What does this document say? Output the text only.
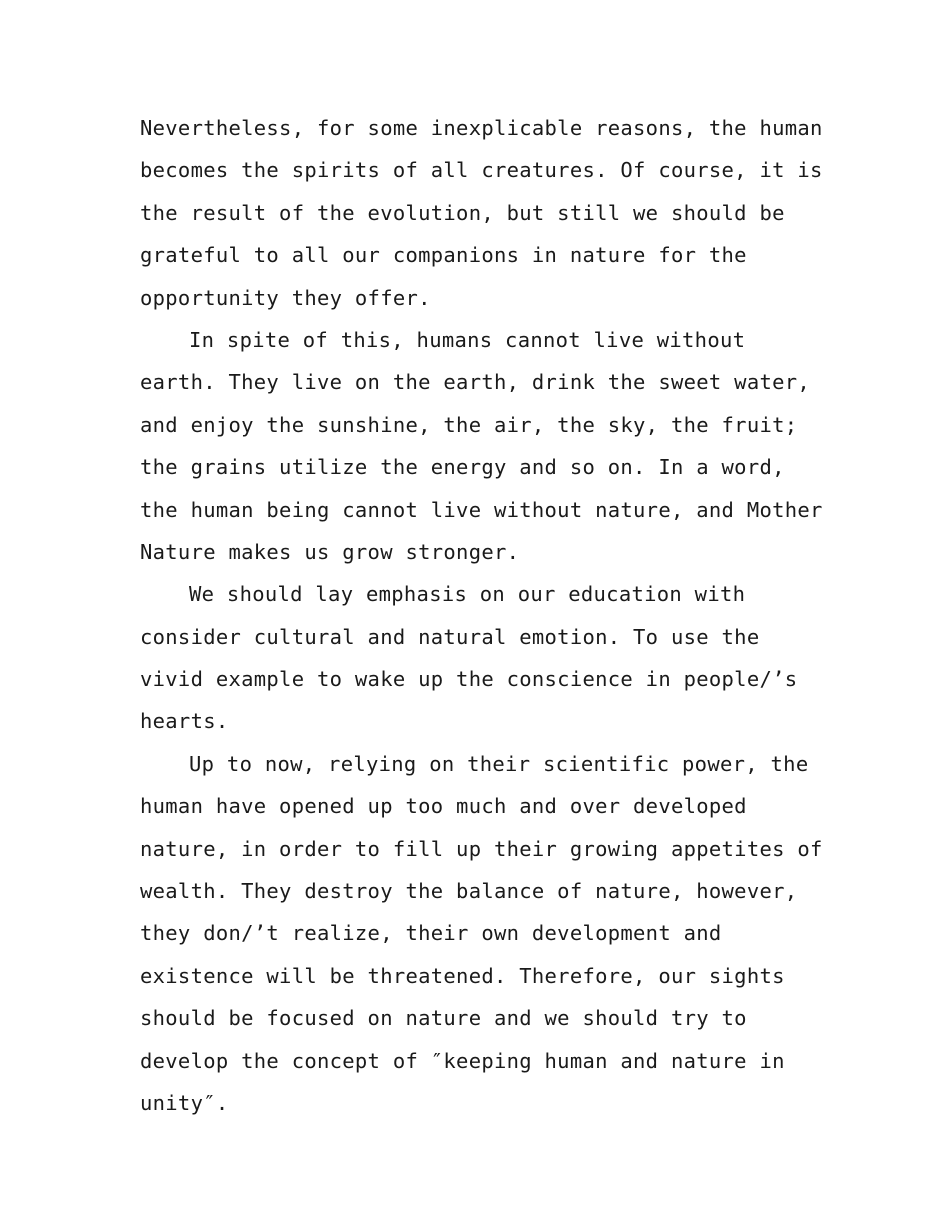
Nevertheless, for some inexplicable reasons, the human
becomes the spirits of all creatures. Of course, it is
the result of the evolution, but still we should be
grateful to all our companions in nature for the
opportunity they offer.
In spite of this, humans cannot live without
earth. They live on the earth, drink the sweet water,
and enjoy the sunshine, the air, the sky, the fruit;
the grains utilize the energy and so on. In a word,
the human being cannot live without nature, and Mother
Nature makes us grow stronger.
We should lay emphasis on our education with
consider cultural and natural emotion. To use the
vivid example to wake up the conscience in people/’s
hearts.
Up to now, relying on their scientific power, the
human have opened up too much and over developed
nature, in order to fill up their growing appetites of
wealth. They destroy the balance of nature, however,
they don/’t realize, their own development and
existence will be threatened. Therefore, our sights
should be focused on nature and we should try to
develop the concept of ″keeping human and nature in
unity″.
